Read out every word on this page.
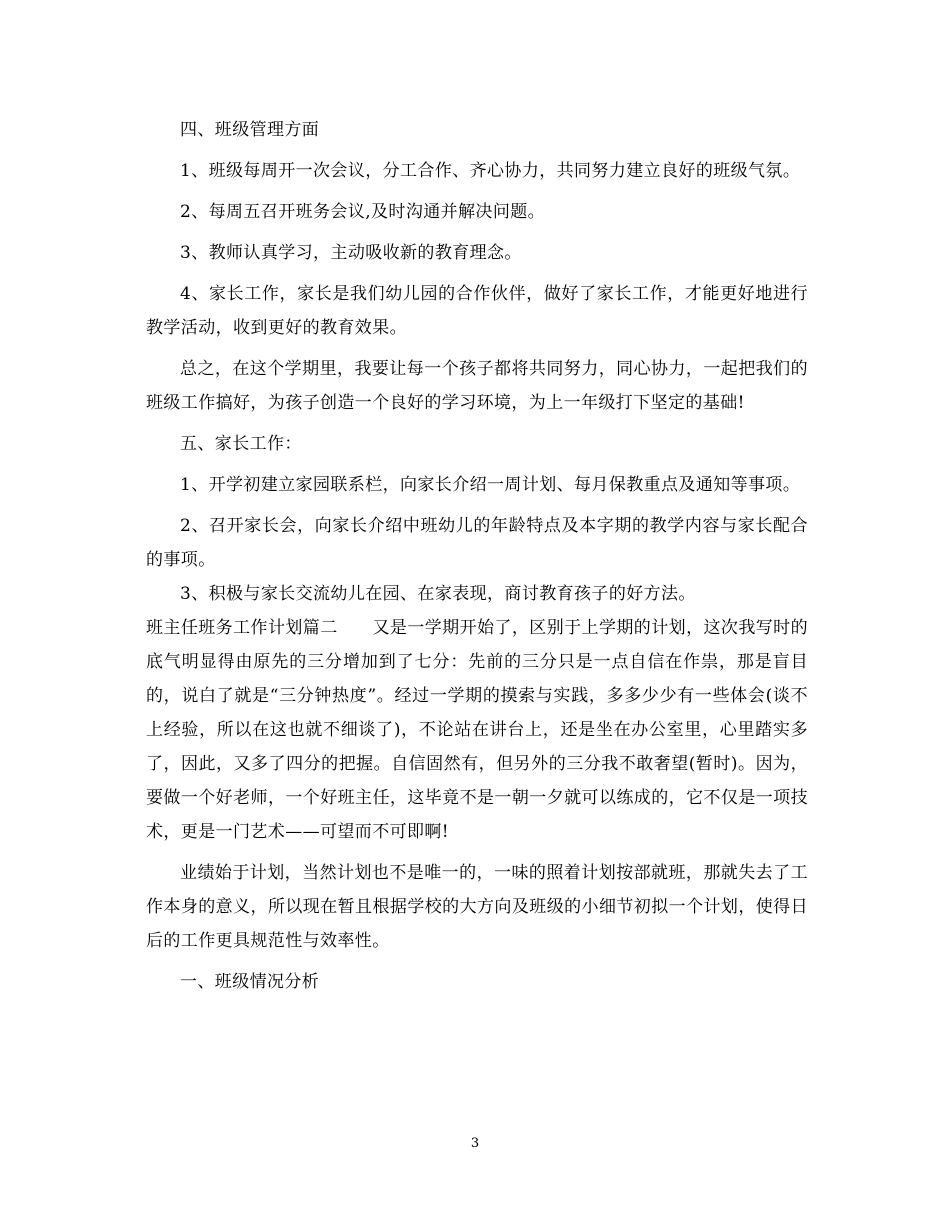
四、班级管理方面

1、班级每周开一次会议，分工合作、齐心协力，共同努力建立良好的班级气氛。

2、每周五召开班务会议,及时沟通并解决问题。

3、教师认真学习，主动吸收新的教育理念。

4、家长工作，家长是我们幼儿园的合作伙伴，做好了家长工作，才能更好地进行教学活动，收到更好的教育效果。

总之，在这个学期里，我要让每一个孩子都将共同努力，同心协力，一起把我们的班级工作搞好，为孩子创造一个良好的学习环境，为上一年级打下坚定的基础!

五、家长工作：

1、开学初建立家园联系栏，向家长介绍一周计划、每月保教重点及通知等事项。

2、召开家长会，向家长介绍中班幼儿的年龄特点及本字期的教学内容与家长配合的事项。

3、积极与家长交流幼儿在园、在家表现，商讨教育孩子的好方法。

班主任班务工作计划篇二　　又是一学期开始了，区别于上学期的计划，这次我写时的底气明显得由原先的三分增加到了七分：先前的三分只是一点自信在作祟，那是盲目的，说白了就是“三分钟热度”。经过一学期的摸索与实践，多多少少有一些体会(谈不上经验，所以在这也就不细谈了)，不论站在讲台上，还是坐在办公室里，心里踏实多了，因此，又多了四分的把握。自信固然有，但另外的三分我不敢奢望(暂时)。因为，要做一个好老师，一个好班主任，这毕竟不是一朝一夕就可以练成的，它不仅是一项技术，更是一门艺术——可望而不可即啊!

业绩始于计划，当然计划也不是唯一的，一味的照着计划按部就班，那就失去了工作本身的意义，所以现在暂且根据学校的大方向及班级的小细节初拟一个计划，使得日后的工作更具规范性与效率性。

一、班级情况分析

3
